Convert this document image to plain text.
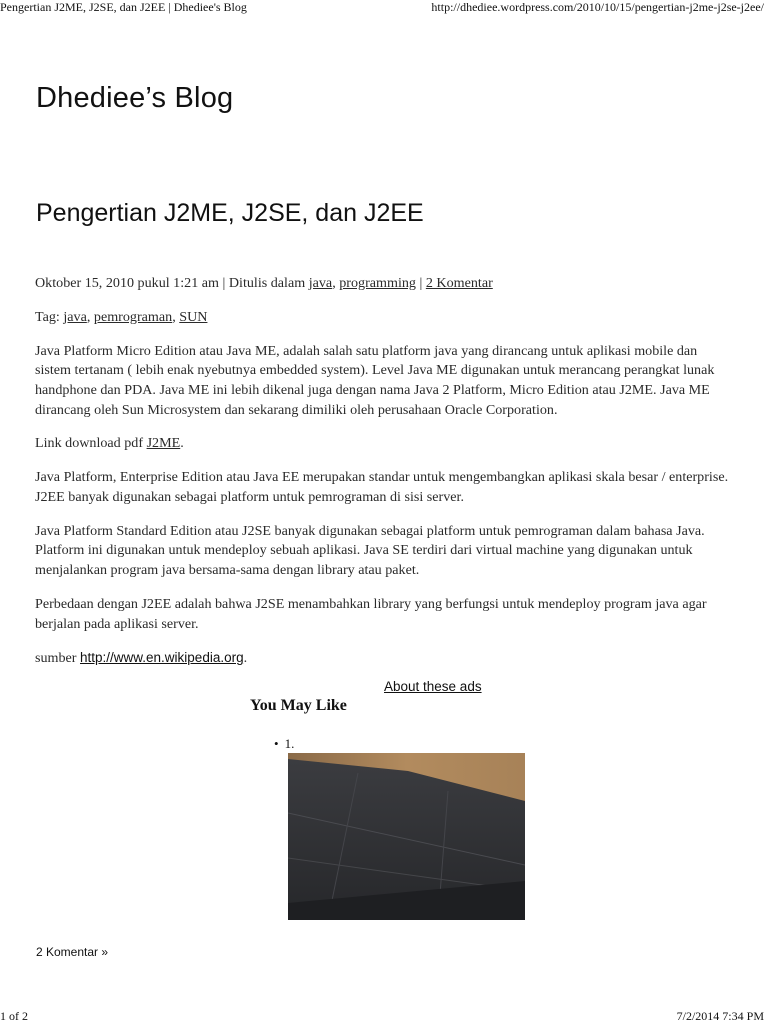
Pengertian J2ME, J2SE, dan J2EE | Dhediee's Blog	http://dhediee.wordpress.com/2010/10/15/pengertian-j2me-j2se-j2ee/
Dhediee’s Blog
Pengertian J2ME, J2SE, dan J2EE

Oktober 15, 2010 pukul 1:21 am | Ditulis dalam java, programming | 2 Komentar

Tag: java, pemrograman, SUN

Java Platform Micro Edition atau Java ME, adalah salah satu platform java yang dirancang untuk aplikasi mobile dan sistem tertanam ( lebih enak nyebutnya embedded system). Level Java ME digunakan untuk merancang perangkat lunak handphone dan PDA. Java ME ini lebih dikenal juga dengan nama Java 2 Platform, Micro Edition atau J2ME. Java ME dirancang oleh Sun Microsystem dan sekarang dimiliki oleh perusahaan Oracle Corporation.

Link download pdf J2ME.

Java Platform, Enterprise Edition atau Java EE merupakan standar untuk mengembangkan aplikasi skala besar / enterprise. J2EE banyak digunakan sebagai platform untuk pemrograman di sisi server.

Java Platform Standard Edition atau J2SE banyak digunakan sebagai platform untuk pemrograman dalam bahasa Java. Platform ini digunakan untuk mendeploy sebuah aplikasi. Java SE terdiri dari virtual machine yang digunakan untuk menjalankan program java bersama-sama dengan library atau paket.

Perbedaan dengan J2EE adalah bahwa J2SE menambahkan library yang berfungsi untuk mendeploy program java agar berjalan pada aplikasi server.

sumber http://www.en.wikipedia.org.

About these ads
You May Like
• 1.
2 Komentar »
1 of 2	7/2/2014 7:34 PM
